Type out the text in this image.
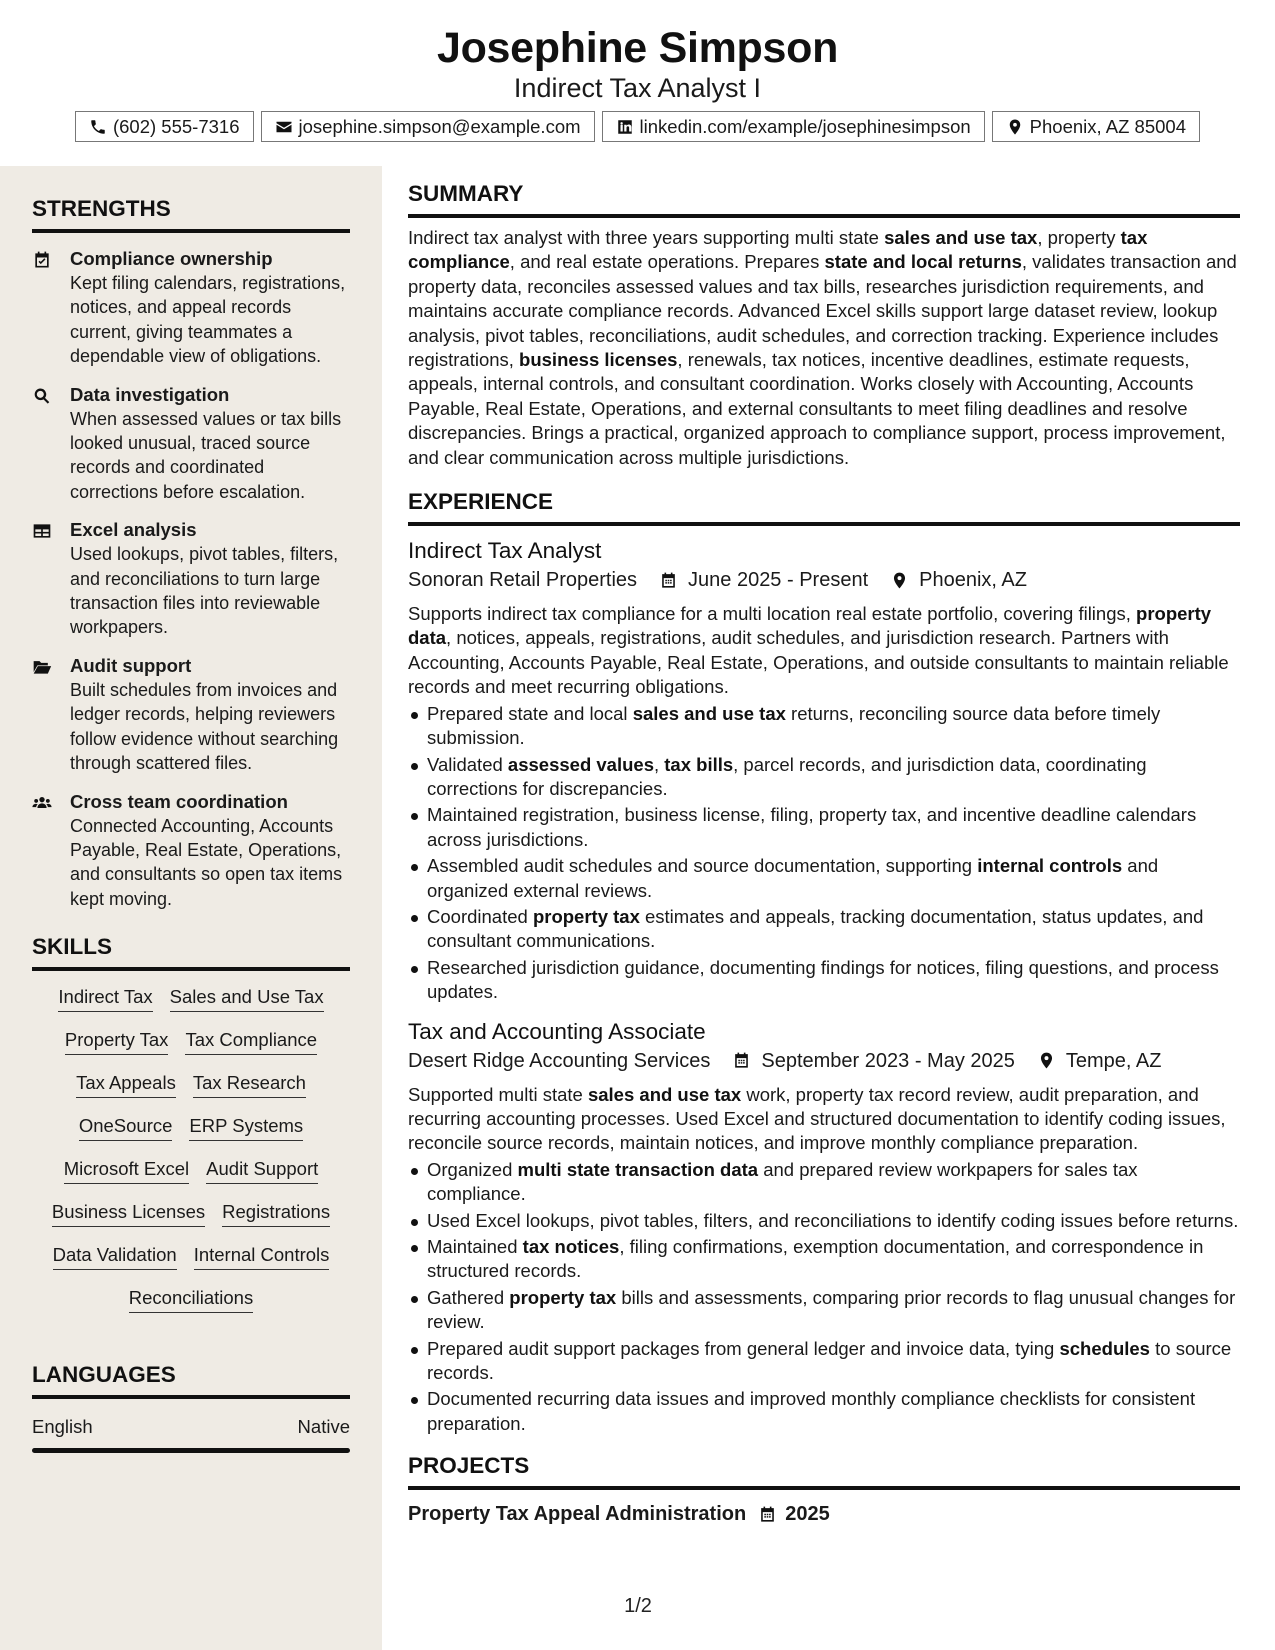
Josephine Simpson
Indirect Tax Analyst I
(602) 555-7316	josephine.simpson@example.com	linkedin.com/example/josephinesimpson	Phoenix, AZ 85004
STRENGTHS
Compliance ownership
Kept filing calendars, registrations, notices, and appeal records current, giving teammates a dependable view of obligations.
Data investigation
When assessed values or tax bills looked unusual, traced source records and coordinated corrections before escalation.
Excel analysis
Used lookups, pivot tables, filters, and reconciliations to turn large transaction files into reviewable workpapers.
Audit support
Built schedules from invoices and ledger records, helping reviewers follow evidence without searching through scattered files.
Cross team coordination
Connected Accounting, Accounts Payable, Real Estate, Operations, and consultants so open tax items kept moving.
SKILLS
Indirect Tax Sales and Use Tax
Property Tax Tax Compliance
Tax Appeals Tax Research
OneSource ERP Systems
Microsoft Excel Audit Support
Business Licenses Registrations
Data Validation Internal Controls
Reconciliations
LANGUAGES
English	Native
SUMMARY
Indirect tax analyst with three years supporting multi state sales and use tax, property tax compliance, and real estate operations. Prepares state and local returns, validates transaction and property data, reconciles assessed values and tax bills, researches jurisdiction requirements, and maintains accurate compliance records. Advanced Excel skills support large dataset review, lookup analysis, pivot tables, reconciliations, audit schedules, and correction tracking. Experience includes registrations, business licenses, renewals, tax notices, incentive deadlines, estimate requests, appeals, internal controls, and consultant coordination. Works closely with Accounting, Accounts Payable, Real Estate, Operations, and external consultants to meet filing deadlines and resolve discrepancies. Brings a practical, organized approach to compliance support, process improvement, and clear communication across multiple jurisdictions.
EXPERIENCE
Indirect Tax Analyst
Sonoran Retail Properties	June 2025 - Present	Phoenix, AZ
Supports indirect tax compliance for a multi location real estate portfolio, covering filings, property data, notices, appeals, registrations, audit schedules, and jurisdiction research. Partners with Accounting, Accounts Payable, Real Estate, Operations, and outside consultants to maintain reliable records and meet recurring obligations.
Prepared state and local sales and use tax returns, reconciling source data before timely submission.
Validated assessed values, tax bills, parcel records, and jurisdiction data, coordinating corrections for discrepancies.
Maintained registration, business license, filing, property tax, and incentive deadline calendars across jurisdictions.
Assembled audit schedules and source documentation, supporting internal controls and organized external reviews.
Coordinated property tax estimates and appeals, tracking documentation, status updates, and consultant communications.
Researched jurisdiction guidance, documenting findings for notices, filing questions, and process updates.
Tax and Accounting Associate
Desert Ridge Accounting Services	September 2023 - May 2025	Tempe, AZ
Supported multi state sales and use tax work, property tax record review, audit preparation, and recurring accounting processes. Used Excel and structured documentation to identify coding issues, reconcile source records, maintain notices, and improve monthly compliance preparation.
Organized multi state transaction data and prepared review workpapers for sales tax compliance.
Used Excel lookups, pivot tables, filters, and reconciliations to identify coding issues before returns.
Maintained tax notices, filing confirmations, exemption documentation, and correspondence in structured records.
Gathered property tax bills and assessments, comparing prior records to flag unusual changes for review.
Prepared audit support packages from general ledger and invoice data, tying schedules to source records.
Documented recurring data issues and improved monthly compliance checklists for consistent preparation.
PROJECTS
Property Tax Appeal Administration 2025
1/2
